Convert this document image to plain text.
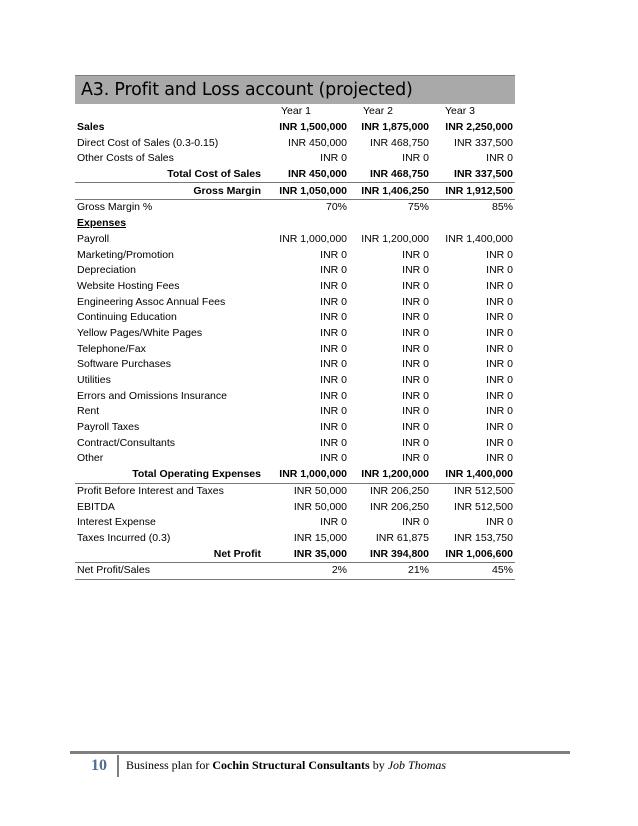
A3. Profit and Loss account (projected)
	Year 1	Year 2	Year 3
Sales	INR 1,500,000	INR 1,875,000	INR 2,250,000
Direct Cost of Sales (0.3-0.15)	INR 450,000	INR 468,750	INR 337,500
Other Costs of Sales	INR 0	INR 0	INR 0
Total Cost of Sales	INR 450,000	INR 468,750	INR 337,500
Gross Margin	INR 1,050,000	INR 1,406,250	INR 1,912,500
Gross Margin %	70%	75%	85%
Expenses			
Payroll	INR 1,000,000	INR 1,200,000	INR 1,400,000
Marketing/Promotion	INR 0	INR 0	INR 0
Depreciation	INR 0	INR 0	INR 0
Website Hosting Fees	INR 0	INR 0	INR 0
Engineering Assoc Annual Fees	INR 0	INR 0	INR 0
Continuing Education	INR 0	INR 0	INR 0
Yellow Pages/White Pages	INR 0	INR 0	INR 0
Telephone/Fax	INR 0	INR 0	INR 0
Software Purchases	INR 0	INR 0	INR 0
Utilities	INR 0	INR 0	INR 0
Errors and Omissions Insurance	INR 0	INR 0	INR 0
Rent	INR 0	INR 0	INR 0
Payroll Taxes	INR 0	INR 0	INR 0
Contract/Consultants	INR 0	INR 0	INR 0
Other	INR 0	INR 0	INR 0
Total Operating Expenses	INR 1,000,000	INR 1,200,000	INR 1,400,000
Profit Before Interest and Taxes	INR 50,000	INR 206,250	INR 512,500
EBITDA	INR 50,000	INR 206,250	INR 512,500
Interest Expense	INR 0	INR 0	INR 0
Taxes Incurred (0.3)	INR 15,000	INR 61,875	INR 153,750
Net Profit	INR 35,000	INR 394,800	INR 1,006,600
Net Profit/Sales	2%	21%	45%
10	Business plan for Cochin Structural Consultants by Job Thomas
